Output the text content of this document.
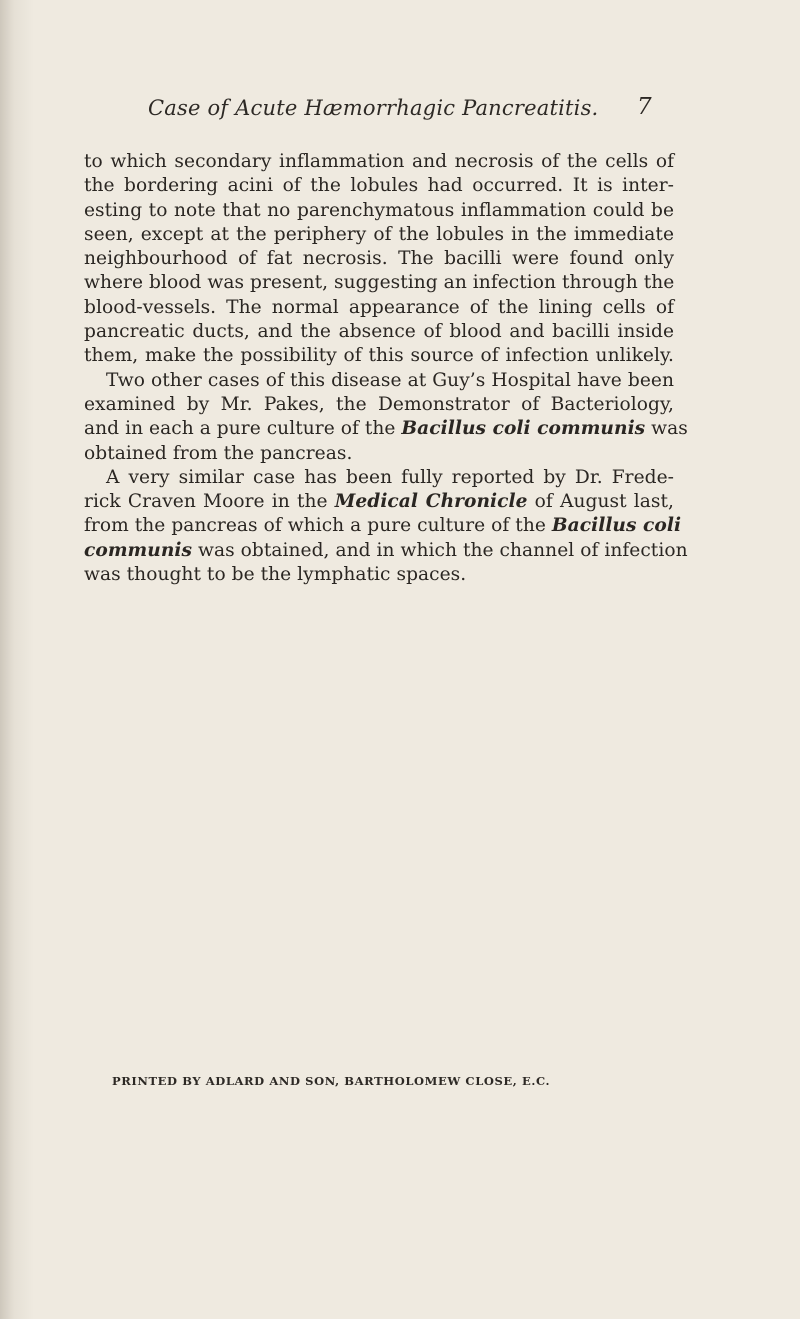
Case of Acute Hæmorrhagic Pancreatitis.	7
to which secondary inflammation and necrosis of the cells of
the bordering acini of the lobules had occurred. It is inter-
esting to note that no parenchymatous inflammation could be
seen, except at the periphery of the lobules in the immediate
neighbourhood of fat necrosis. The bacilli were found only
where blood was present, suggesting an infection through the
blood-vessels. The normal appearance of the lining cells of
pancreatic ducts, and the absence of blood and bacilli inside
them, make the possibility of this source of infection unlikely.
Two other cases of this disease at Guy’s Hospital have been
examined by Mr. Pakes, the Demonstrator of Bacteriology,
and in each a pure culture of the Bacillus coli communis was
obtained from the pancreas.
A very similar case has been fully reported by Dr. Frede-
rick Craven Moore in the Medical Chronicle of August last,
from the pancreas of which a pure culture of the Bacillus coli
communis was obtained, and in which the channel of infection
was thought to be the lymphatic spaces.
PRINTED BY ADLARD AND SON, BARTHOLOMEW CLOSE, E.C.
